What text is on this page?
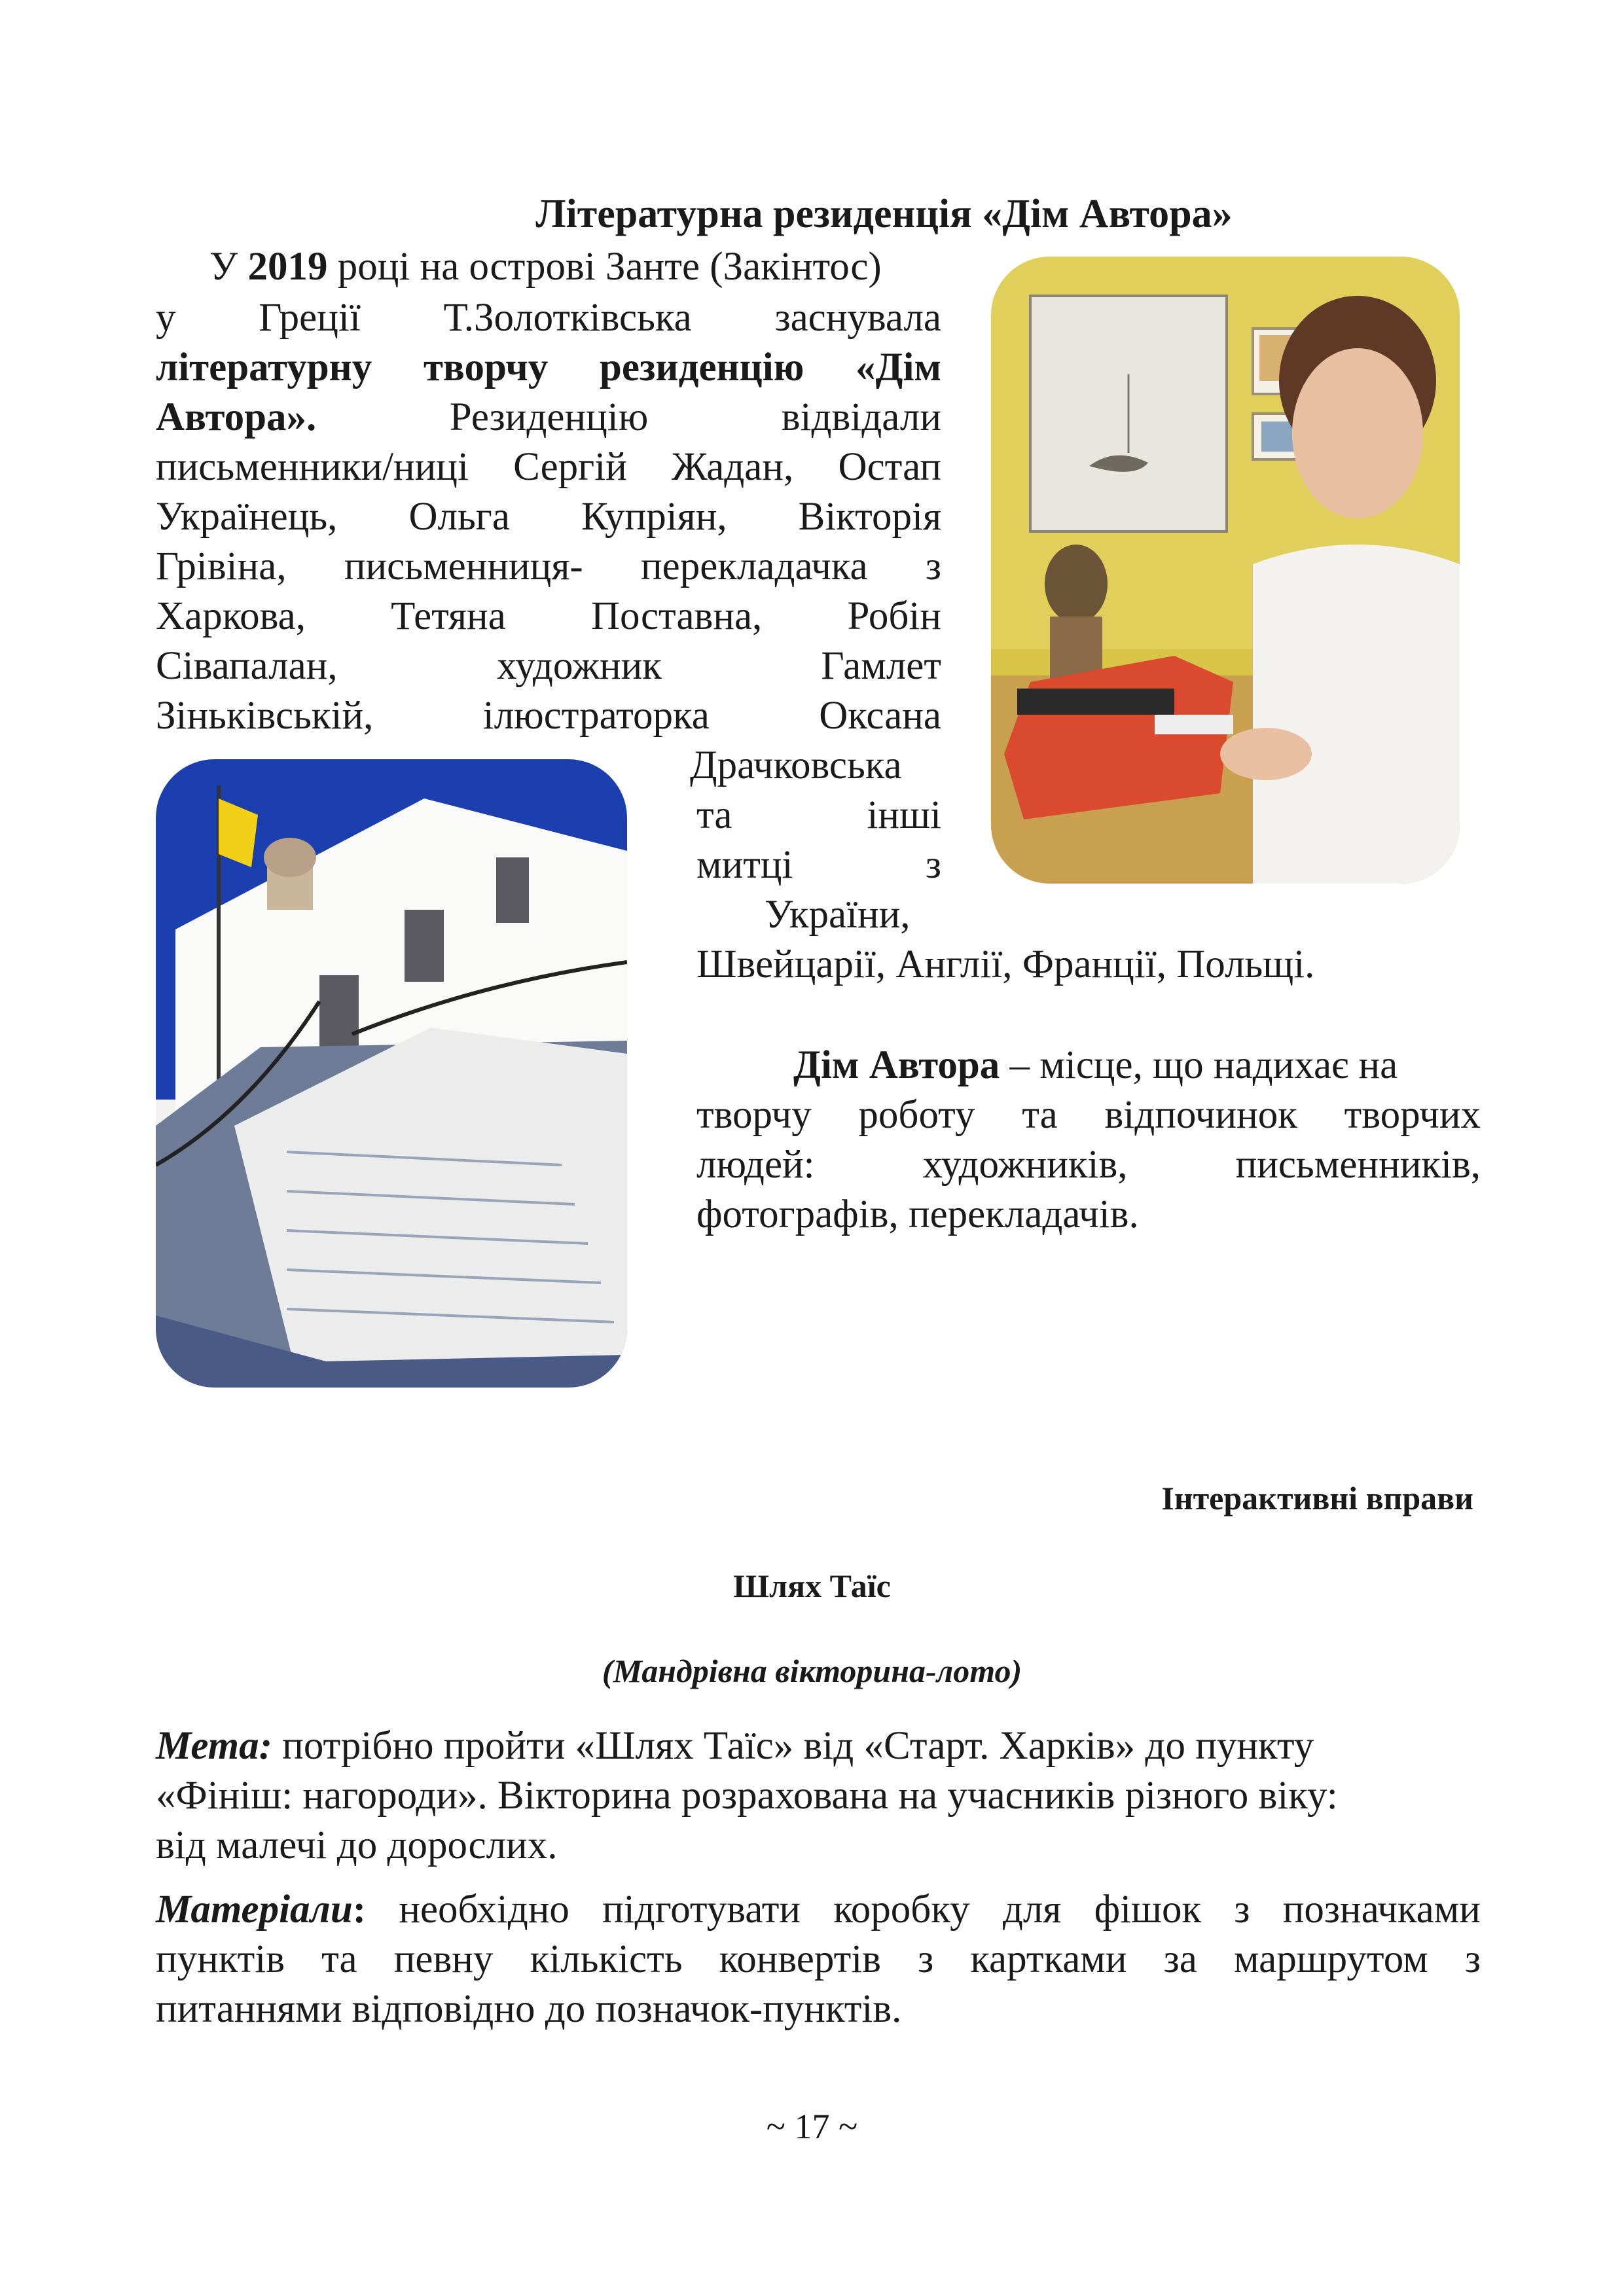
Літературна резиденція «Дім Автора»
У 2019 році на острові Занте (Закінтос)
у Греції Т.Золотківська заснувала
літературну творчу резиденцію «Дім
Автора».	Резиденцію	відвідали
письменники/ниці Сергій Жадан, Остап
Українець, Ольга Купріян, Вікторія
Грівіна, письменниця- перекладачка з
Харкова, Тетяна Поставна, Робін
Сівапалан,	художник	Гамлет
Зіньківськiй,	ілюстраторка	Оксана
Драчковська
та	інші
митці	з
України,
Швейцарії, Англії, Франції, Польщі.
Дім Автора – місце, що надихає на
творчу роботу та відпочинок творчих
людей:	художників,	письменників,
фотографів, перекладачів.
Інтерактивні вправи
Шлях Таїс
(Мандрівна вікторина-лото)
Мета: потрібно пройти «Шлях Таїс» від «Старт. Харків» до пункту
«Фініш: нагороди». Вікторина розрахована на учасників різного віку:
від малечі до дорослих.
Матеріали: необхідно підготувати коробку для фішок з позначками
пунктів та певну кількість конвертів з картками за маршрутом з
питаннями відповідно до позначок-пунктів.
~ 17 ~
